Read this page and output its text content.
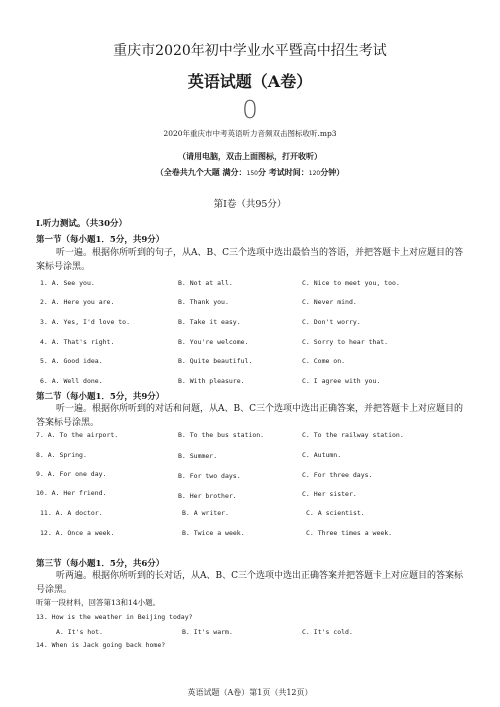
重庆市2020年初中学业水平暨高中招生考试
英语试题（A卷）
0
2020年重庆市中考英语听力音频双击图标收听.mp3
（请用电脑，双击上面图标，打开收听）
（全卷共九个大题 满分：150分 考试时间：120分钟）
第I卷（共95分）
I.听力测试。（共30分）
第一节（每小题1．5分，共9分）
听一遍。根据你所听到的句子，从A、B、C三个选项中选出最恰当的答语，并把答题卡上对应题目的答案标号涂黑。
1. A. See you.	B. Not at all.	C. Nice to meet you, too.
2. A. Here you are.	B. Thank you.	C. Never mind.
3. A. Yes, I'd love to.	B. Take it easy.	C. Don't worry.
4. A. That's right.	B. You're welcome.	C. Sorry to hear that.
5. A. Good idea.	B. Quite beautiful.	C. Come on.
6. A. Well done.	B. With pleasure.	C. I agree with you.
第二节（每小题1．5分，共9分）
听一遍。根据你所听到的对话和问题，从A、B、C三个选项中选出正确答案，并把答题卡上对应题目的答案标号涂黑。
7. A. To the airport.	B. To the bus station.	C. To the railway station.
8. A. Spring.	B. Summer.	C. Autumn.
9. A. For one day.	B. For two days.	C. For three days.
10. A. Her friend.	B. Her brother.	C. Her sister.
11. A. A doctor.	B. A writer.	C. A scientist.
12. A. Once a week.	B. Twice a week.	C. Three times a week.
第三节（每小题1．5分，共6分）
听两遍。根据你所听到的长对话，从A、B、C三个选项中选出正确答案并把答题卡上对应题目的答案标 号涂黑。
听第一段材料，回答第13和14小题。
13. How is the weather in Beijing today?
A. It's hot.	B. It's warm.	C. It's cold.
14. When is Jack going back home?
英语试题（A卷）第1页（共12页）
